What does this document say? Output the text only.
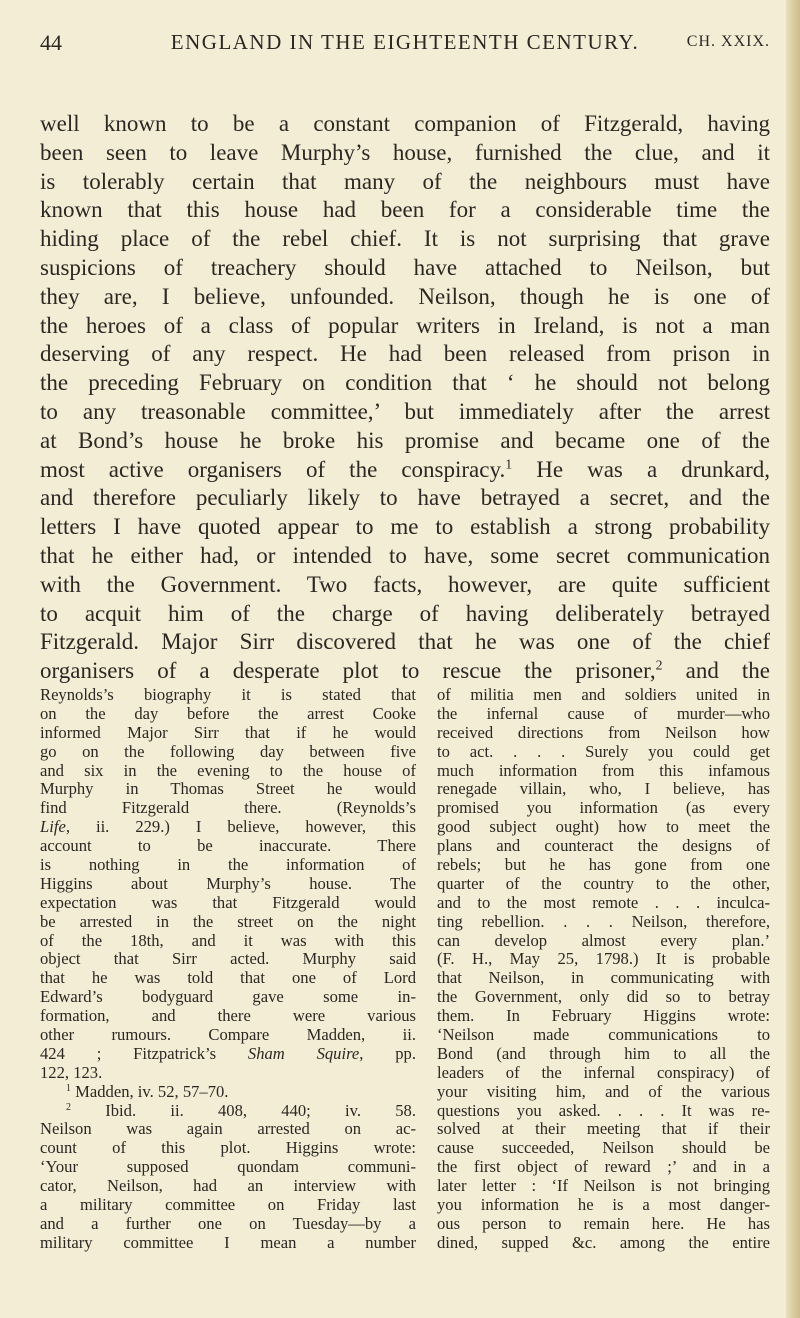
44	ENGLAND IN THE EIGHTEENTH CENTURY.	CH. XXIX.
well known to be a constant companion of Fitzgerald, having
been seen to leave Murphy’s house, furnished the clue, and it
is tolerably certain that many of the neighbours must have
known that this house had been for a considerable time the
hiding place of the rebel chief. It is not surprising that grave
suspicions of treachery should have attached to Neilson, but
they are, I believe, unfounded. Neilson, though he is one of
the heroes of a class of popular writers in Ireland, is not a man
deserving of any respect. He had been released from prison in
the preceding February on condition that ‘ he should not belong
to any treasonable committee,’ but immediately after the arrest
at Bond’s house he broke his promise and became one of the
most active organisers of the conspiracy.$^1$ He was a drunkard,
and therefore peculiarly likely to have betrayed a secret, and the
letters I have quoted appear to me to establish a strong probability
that he either had, or intended to have, some secret communication
with the Government. Two facts, however, are quite sufficient
to acquit him of the charge of having deliberately betrayed
Fitzgerald. Major Sirr discovered that he was one of the chief
organisers of a desperate plot to rescue the prisoner,$^2$ and the
Reynolds’s biography it is stated that
on the day before the arrest Cooke
informed Major Sirr that if he would
go on the following day between five
and six in the evening to the house of
Murphy in Thomas Street he would
find Fitzgerald there. (Reynolds’s
Life, ii. 229.) I believe, however, this
account to be inaccurate. There
is nothing in the information of
Higgins about Murphy’s house. The
expectation was that Fitzgerald would
be arrested in the street on the night
of the 18th, and it was with this
object that Sirr acted. Murphy said
that he was told that one of Lord
Edward’s bodyguard gave some in-
formation, and there were various
other rumours. Compare Madden, ii.
424 ; Fitzpatrick’s Sham Squire, pp.
122, 123.
$^1$ Madden, iv. 52, 57–70.
$^2$ Ibid. ii. 408, 440; iv. 58.
Neilson was again arrested on ac-
count of this plot. Higgins wrote:
‘Your supposed quondam communi-
cator, Neilson, had an interview with
a military committee on Friday last
and a further one on Tuesday—by a
military committee I mean a number
of militia men and soldiers united in
the infernal cause of murder—who
received directions from Neilson how
to act. . . . Surely you could get
much information from this infamous
renegade villain, who, I believe, has
promised you information (as every
good subject ought) how to meet the
plans and counteract the designs of
rebels; but he has gone from one
quarter of the country to the other,
and to the most remote . . . inculca-
ting rebellion. . . . Neilson, therefore,
can develop almost every plan.’
(F. H., May 25, 1798.) It is probable
that Neilson, in communicating with
the Government, only did so to betray
them. In February Higgins wrote:
‘Neilson made communications to
Bond (and through him to all the
leaders of the infernal conspiracy) of
your visiting him, and of the various
questions you asked. . . . It was re-
solved at their meeting that if their
cause succeeded, Neilson should be
the first object of reward ;’ and in a
later letter : ‘If Neilson is not bringing
you information he is a most danger-
ous person to remain here. He has
dined, supped &c. among the entire
